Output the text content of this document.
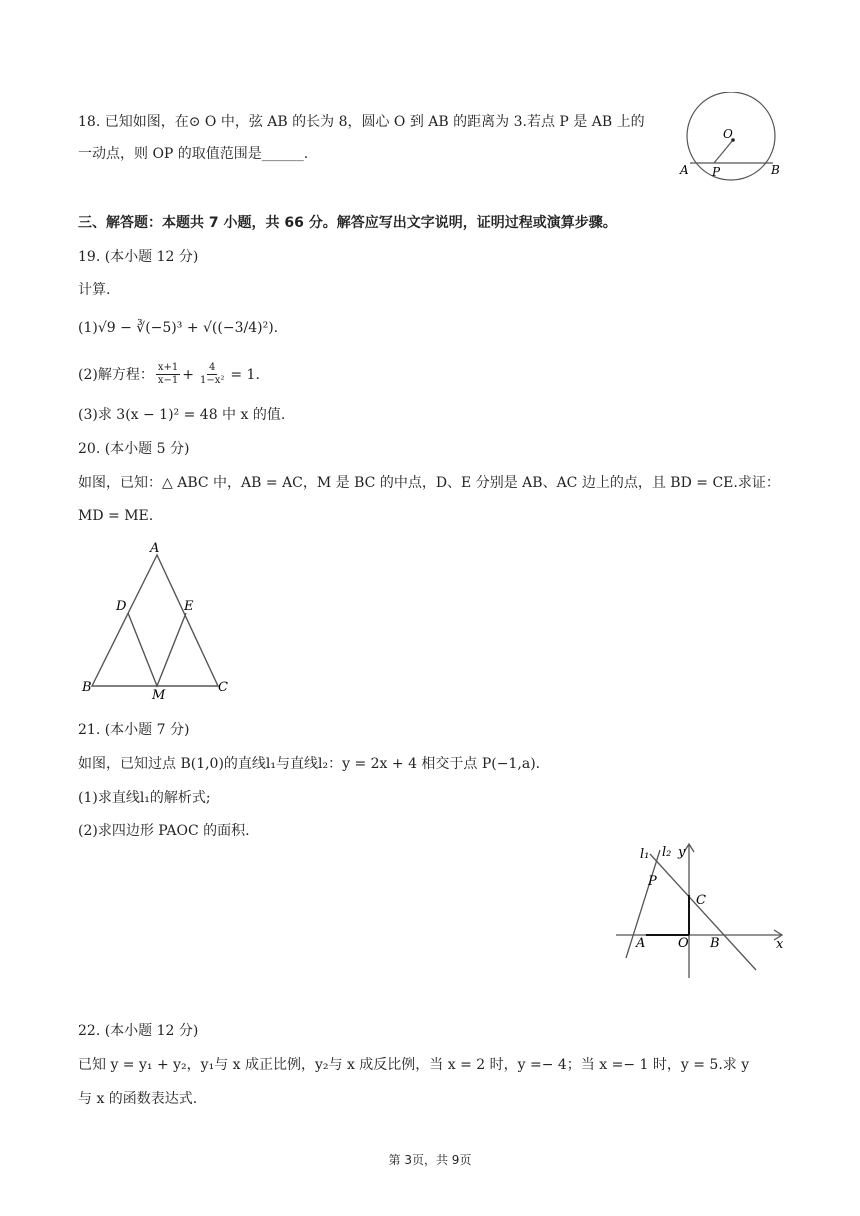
18. 已知如图，在⊙ O 中，弦 AB 的长为 8，圆心 O 到 AB 的距离为 3.若点 P 是 AB 上的
一动点，则 OP 的取值范围是______.
O
A P	B
三、解答题：本题共 7 小题，共 66 分。解答应写出文字说明，证明过程或演算步骤。
19. (本小题 12 分)
计算.
(1)√9 − ∛(−5)³ + √((−3/4)²).
(2)解方程： $\frac{x+1}{x-1} + \frac{4}{\text{1−x²}} = 1$.
(3)求 3(x − 1)² = 48 中 x 的值.
20. (本小题 5 分)
如图，已知：△ ABC 中，AB = AC，M 是 BC 的中点，D、E 分别是 AB、AC 边上的点，且 BD = CE.求证：
MD = ME.
A
D	E
B
M
C
21. (本小题 7 分)
如图，已知过点 B(1,0)的直线l₁与直线l₂：y = 2x + 4 相交于点 P(−1,a).
(1)求直线l₁的解析式;
(2)求四边形 PAOC 的面积.
l₁ l₂ y
P
C
A	O B	x
22. (本小题 12 分)
已知 y = y₁ + y₂，y₁与 x 成正比例，y₂与 x 成反比例，当 x = 2 时，y =− 4；当 x =− 1 时，y = 5.求 y
与 x 的函数表达式.
第 3页，共 9页
